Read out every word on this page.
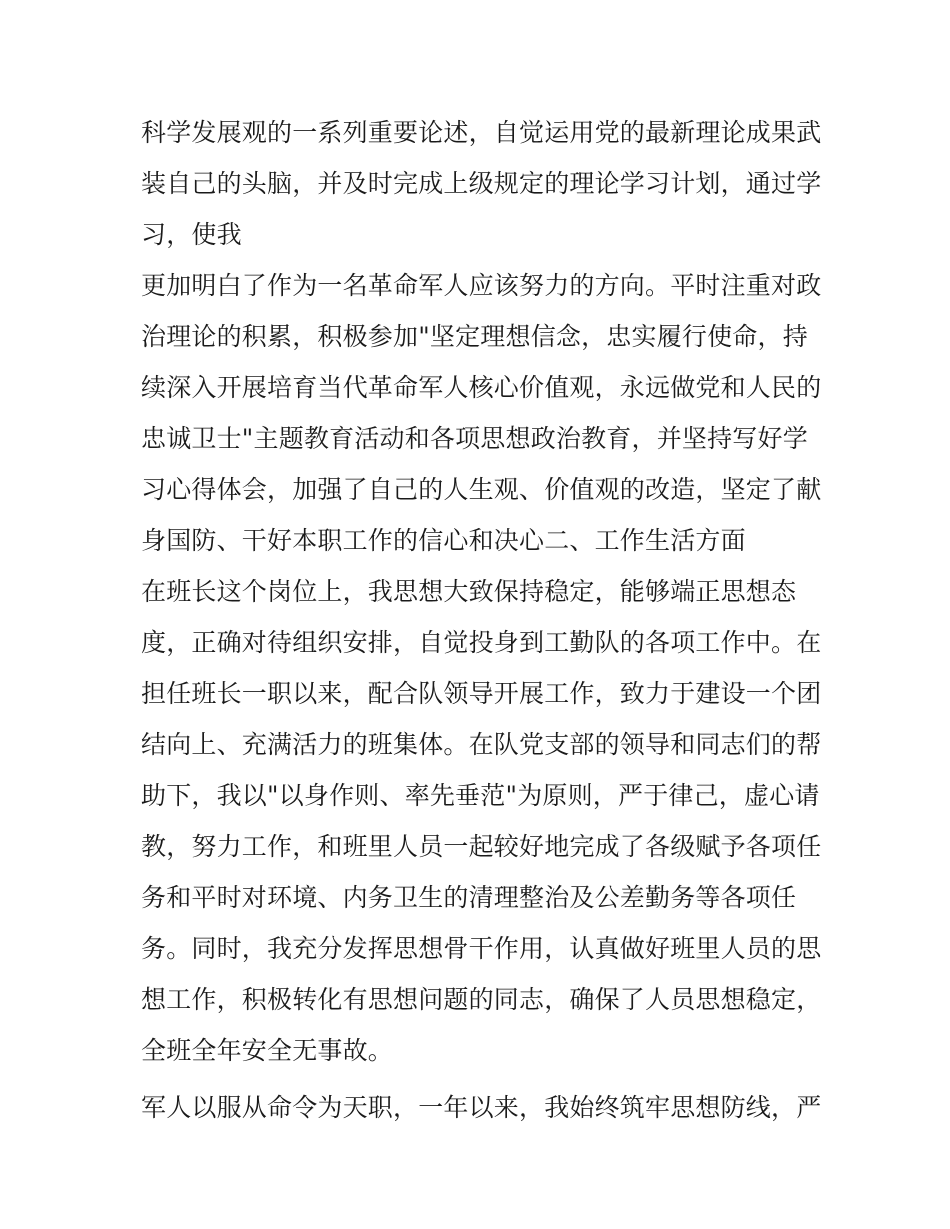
科学发展观的一系列重要论述，自觉运用党的最新理论成果武
装自己的头脑，并及时完成上级规定的理论学习计划，通过学
习，使我

更加明白了作为一名革命军人应该努力的方向。平时注重对政
治理论的积累，积极参加"坚定理想信念，忠实履行使命，持
续深入开展培育当代革命军人核心价值观，永远做党和人民的
忠诚卫士"主题教育活动和各项思想政治教育，并坚持写好学
习心得体会，加强了自己的人生观、价值观的改造，坚定了献
身国防、干好本职工作的信心和决心二、工作生活方面

在班长这个岗位上，我思想大致保持稳定，能够端正思想态
度，正确对待组织安排，自觉投身到工勤队的各项工作中。在
担任班长一职以来，配合队领导开展工作，致力于建设一个团
结向上、充满活力的班集体。在队党支部的领导和同志们的帮
助下，我以"以身作则、率先垂范"为原则，严于律己，虚心请
教，努力工作，和班里人员一起较好地完成了各级赋予各项任
务和平时对环境、内务卫生的清理整治及公差勤务等各项任
务。同时，我充分发挥思想骨干作用，认真做好班里人员的思
想工作，积极转化有思想问题的同志，确保了人员思想稳定，
全班全年安全无事故。

军人以服从命令为天职，一年以来，我始终筑牢思想防线，严
